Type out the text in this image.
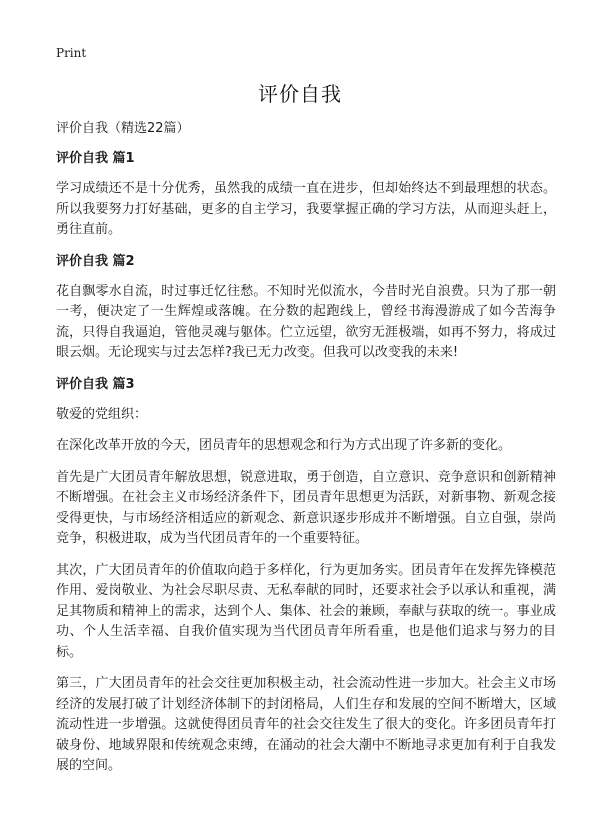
Print
评价自我

评价自我（精选22篇）

评价自我 篇1

学习成绩还不是十分优秀，虽然我的成绩一直在进步，但却始终达不到最理想的状态。所以我要努力打好基础，更多的自主学习，我要掌握正确的学习方法，从而迎头赶上，勇往直前。

评价自我 篇2

花自飘零水自流，时过事迁忆往愁。不知时光似流水，今昔时光自浪费。只为了那一朝一考，便决定了一生辉煌或落魄。在分数的起跑线上，曾经书海漫游成了如今苦海争流，只得自我逼迫，管他灵魂与躯体。伫立远望，欲穷无涯极端，如再不努力，将成过眼云烟。无论现实与过去怎样?我已无力改变。但我可以改变我的未来!

评价自我 篇3

敬爱的党组织：

在深化改革开放的今天，团员青年的思想观念和行为方式出现了许多新的变化。

首先是广大团员青年解放思想，锐意进取，勇于创造，自立意识、竞争意识和创新精神不断增强。在社会主义市场经济条件下，团员青年思想更为活跃，对新事物、新观念接受得更快，与市场经济相适应的新观念、新意识逐步形成并不断增强。自立自强，崇尚竞争，积极进取，成为当代团员青年的一个重要特征。

其次，广大团员青年的价值取向趋于多样化，行为更加务实。团员青年在发挥先锋模范作用、爱岗敬业、为社会尽职尽责、无私奉献的同时，还要求社会予以承认和重视，满足其物质和精神上的需求，达到个人、集体、社会的兼顾，奉献与获取的统一。事业成功、个人生活幸福、自我价值实现为当代团员青年所看重，也是他们追求与努力的目标。

第三，广大团员青年的社会交往更加积极主动，社会流动性进一步加大。社会主义市场经济的发展打破了计划经济体制下的封闭格局，人们生存和发展的空间不断增大，区域流动性进一步增强。这就使得团员青年的社会交往发生了很大的变化。许多团员青年打破身份、地域界限和传统观念束缚，在涌动的社会大潮中不断地寻求更加有利于自我发展的空间。
